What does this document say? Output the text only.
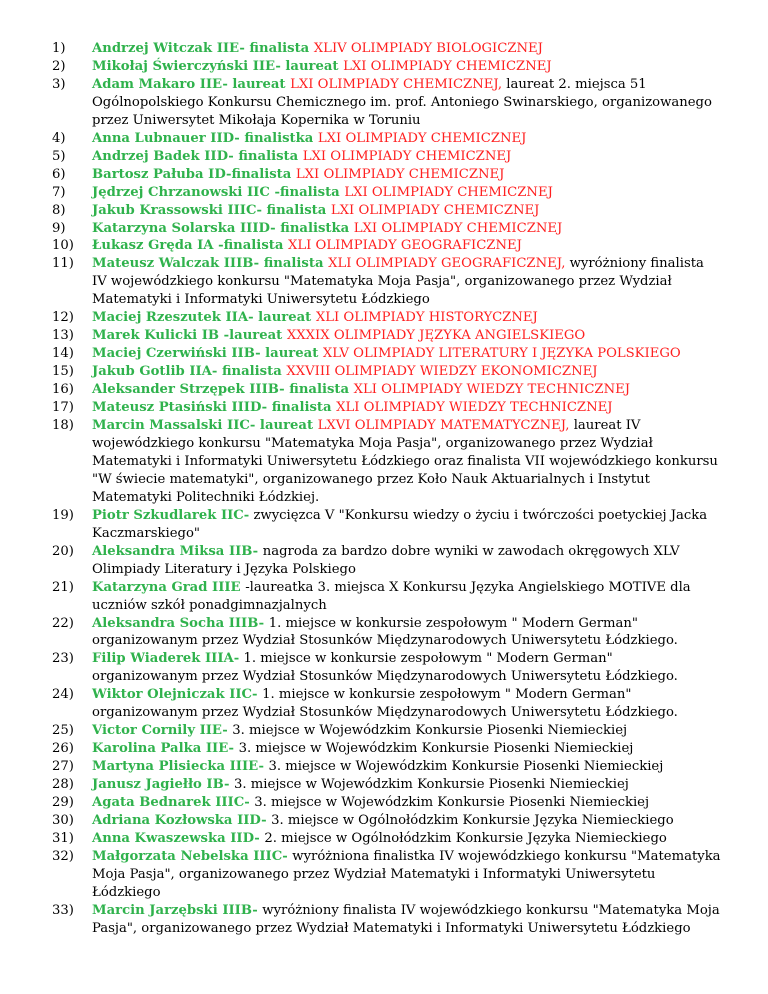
1) Andrzej Witczak IIE- finalista XLIV OLIMPIADY BIOLOGICZNEJ
2) Mikołaj Świerczyński IIE- laureat LXI OLIMPIADY CHEMICZNEJ
3) Adam Makaro IIE- laureat LXI OLIMPIADY CHEMICZNEJ, laureat 2. miejsca 51 Ogólnopolskiego Konkursu Chemicznego im. prof. Antoniego Swinarskiego, organizowanego przez Uniwersytet Mikołaja Kopernika w Toruniu
4) Anna Lubnauer IID- finalistka LXI OLIMPIADY CHEMICZNEJ
5) Andrzej Badek IID- finalista LXI OLIMPIADY CHEMICZNEJ
6) Bartosz Pałuba ID-finalista LXI OLIMPIADY CHEMICZNEJ
7) Jędrzej Chrzanowski IIC -finalista LXI OLIMPIADY CHEMICZNEJ
8) Jakub Krassowski IIIC- finalista LXI OLIMPIADY CHEMICZNEJ
9) Katarzyna Solarska IIID- finalistka LXI OLIMPIADY CHEMICZNEJ
10) Łukasz Gręda IA -finalista XLI OLIMPIADY GEOGRAFICZNEJ
11) Mateusz Walczak IIIB- finalista XLI OLIMPIADY GEOGRAFICZNEJ, wyróżniony finalista IV wojewódzkiego konkursu "Matematyka Moja Pasja", organizowanego przez Wydział Matematyki i Informatyki Uniwersytetu Łódzkiego
12) Maciej Rzeszutek IIA- laureat XLI OLIMPIADY HISTORYCZNEJ
13) Marek Kulicki IB -laureat XXXIX OLIMPIADY JĘZYKA ANGIELSKIEGO
14) Maciej Czerwiński IIB- laureat XLV OLIMPIADY LITERATURY I JĘZYKA POLSKIEGO
15) Jakub Gotlib IIA- finalista XXVIII OLIMPIADY WIEDZY EKONOMICZNEJ
16) Aleksander Strzępek IIIB- finalista XLI OLIMPIADY WIEDZY TECHNICZNEJ
17) Mateusz Ptasiński IIID- finalista XLI OLIMPIADY WIEDZY TECHNICZNEJ
18) Marcin Massalski IIC- laureat LXVI OLIMPIADY MATEMATYCZNEJ, laureat IV wojewódzkiego konkursu "Matematyka Moja Pasja", organizowanego przez Wydział Matematyki i Informatyki Uniwersytetu Łódzkiego oraz finalista VII wojewódzkiego konkursu "W świecie matematyki", organizowanego przez Koło Nauk Aktuarialnych i Instytut Matematyki Politechniki Łódzkiej.
19) Piotr Szkudlarek IIC- zwycięzca V "Konkursu wiedzy o życiu i twórczości poetyckiej Jacka Kaczmarskiego"
20) Aleksandra Miksa IIB- nagroda za bardzo dobre wyniki w zawodach okręgowych XLV Olimpiady Literatury i Języka Polskiego
21) Katarzyna Grad IIIE -laureatka 3. miejsca X Konkursu Języka Angielskiego MOTIVE dla uczniów szkół ponadgimnazjalnych
22) Aleksandra Socha IIIB- 1. miejsce w konkursie zespołowym " Modern German" organizowanym przez Wydział Stosunków Międzynarodowych Uniwersytetu Łódzkiego.
23) Filip Wiaderek IIIA- 1. miejsce w konkursie zespołowym " Modern German" organizowanym przez Wydział Stosunków Międzynarodowych Uniwersytetu Łódzkiego.
24) Wiktor Olejniczak IIC- 1. miejsce w konkursie zespołowym " Modern German" organizowanym przez Wydział Stosunków Międzynarodowych Uniwersytetu Łódzkiego.
25) Victor Cornily IIE- 3. miejsce w Wojewódzkim Konkursie Piosenki Niemieckiej
26) Karolina Palka IIE- 3. miejsce w Wojewódzkim Konkursie Piosenki Niemieckiej
27) Martyna Plisiecka IIIE- 3. miejsce w Wojewódzkim Konkursie Piosenki Niemieckiej
28) Janusz Jagiełło IB- 3. miejsce w Wojewódzkim Konkursie Piosenki Niemieckiej
29) Agata Bednarek IIIC- 3. miejsce w Wojewódzkim Konkursie Piosenki Niemieckiej
30) Adriana Kozłowska IID- 3. miejsce w Ogólnołódzkim Konkursie Języka Niemieckiego
31) Anna Kwaszewska IID- 2. miejsce w Ogólnołódzkim Konkursie Języka Niemieckiego
32) Małgorzata Nebelska IIIC- wyróżniona finalistka IV wojewódzkiego konkursu "Matematyka Moja Pasja", organizowanego przez Wydział Matematyki i Informatyki Uniwersytetu Łódzkiego
33) Marcin Jarzębski IIIB- wyróżniony finalista IV wojewódzkiego konkursu "Matematyka Moja Pasja", organizowanego przez Wydział Matematyki i Informatyki Uniwersytetu Łódzkiego
